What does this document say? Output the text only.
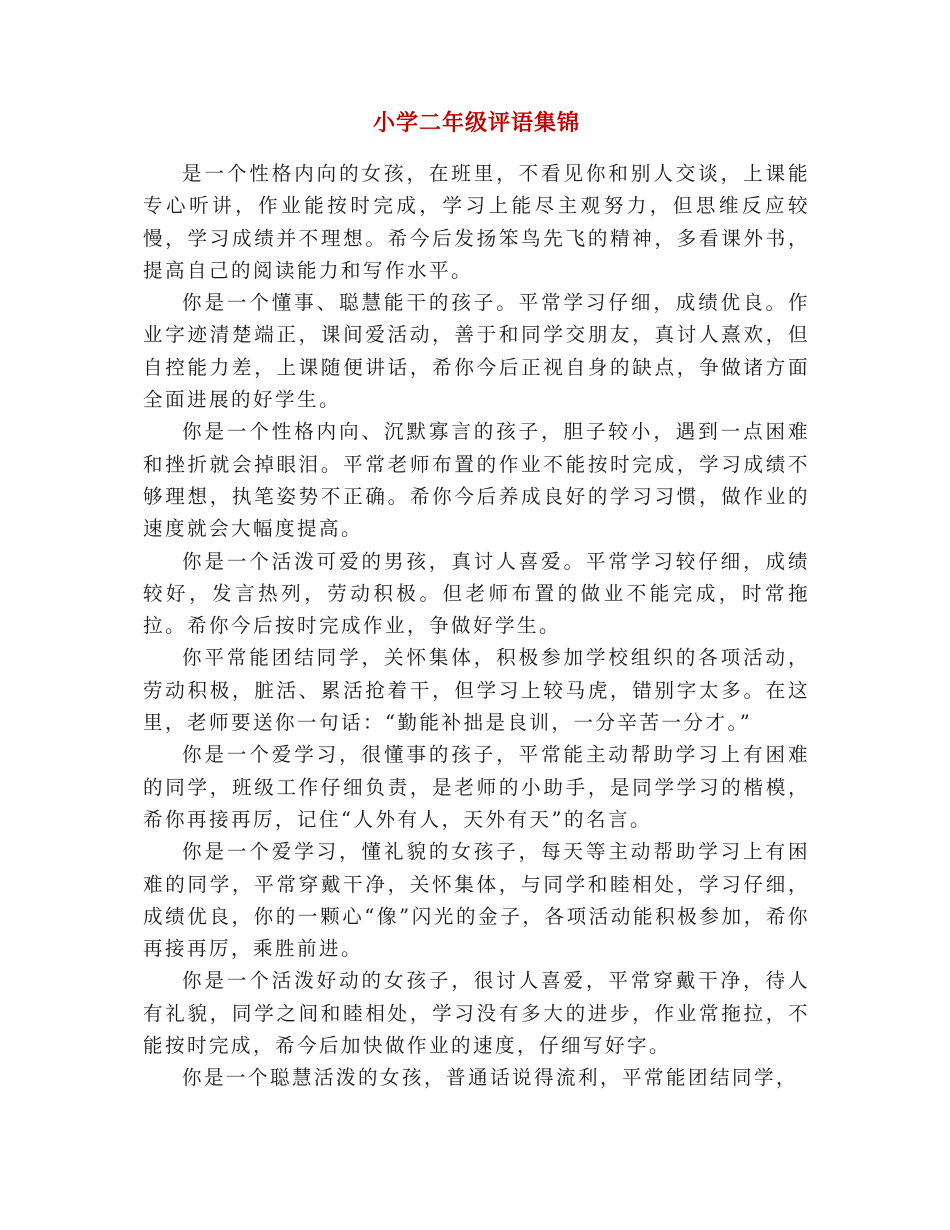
小学二年级评语集锦

是一个性格内向的女孩，在班里，不看见你和别人交谈，上课能专心听讲，作业能按时完成，学习上能尽主观努力，但思维反应较慢，学习成绩并不理想。希今后发扬笨鸟先飞的精神，多看课外书，提高自己的阅读能力和写作水平。

你是一个懂事、聪慧能干的孩子。平常学习仔细，成绩优良。作业字迹清楚端正，课间爱活动，善于和同学交朋友，真讨人熹欢，但自控能力差，上课随便讲话，希你今后正视自身的缺点，争做诸方面全面进展的好学生。

你是一个性格内向、沉默寡言的孩子，胆子较小，遇到一点困难和挫折就会掉眼泪。平常老师布置的作业不能按时完成，学习成绩不够理想，执笔姿势不正确。希你今后养成良好的学习习惯，做作业的速度就会大幅度提高。

你是一个活泼可爱的男孩，真讨人喜爱。平常学习较仔细，成绩较好，发言热列，劳动积极。但老师布置的做业不能完成，时常拖拉。希你今后按时完成作业，争做好学生。

你平常能团结同学，关怀集体，积极参加学校组织的各项活动，劳动积极，脏活、累活抢着干，但学习上较马虎，错别字太多。在这里，老师要送你一句话：“勤能补拙是良训，一分辛苦一分才。”

你是一个爱学习，很懂事的孩子，平常能主动帮助学习上有困难的同学，班级工作仔细负责，是老师的小助手，是同学学习的楷模，希你再接再厉，记住“人外有人，天外有天”的名言。

你是一个爱学习，懂礼貌的女孩子，每天等主动帮助学习上有困难的同学，平常穿戴干净，关怀集体，与同学和睦相处，学习仔细，成绩优良，你的一颗心“像”闪光的金子，各项活动能积极参加，希你再接再厉，乘胜前进。

你是一个活泼好动的女孩子，很讨人喜爱，平常穿戴干净，待人有礼貌，同学之间和睦相处，学习没有多大的进步，作业常拖拉，不能按时完成，希今后加快做作业的速度，仔细写好字。

你是一个聪慧活泼的女孩，普通话说得流利，平常能团结同学，
